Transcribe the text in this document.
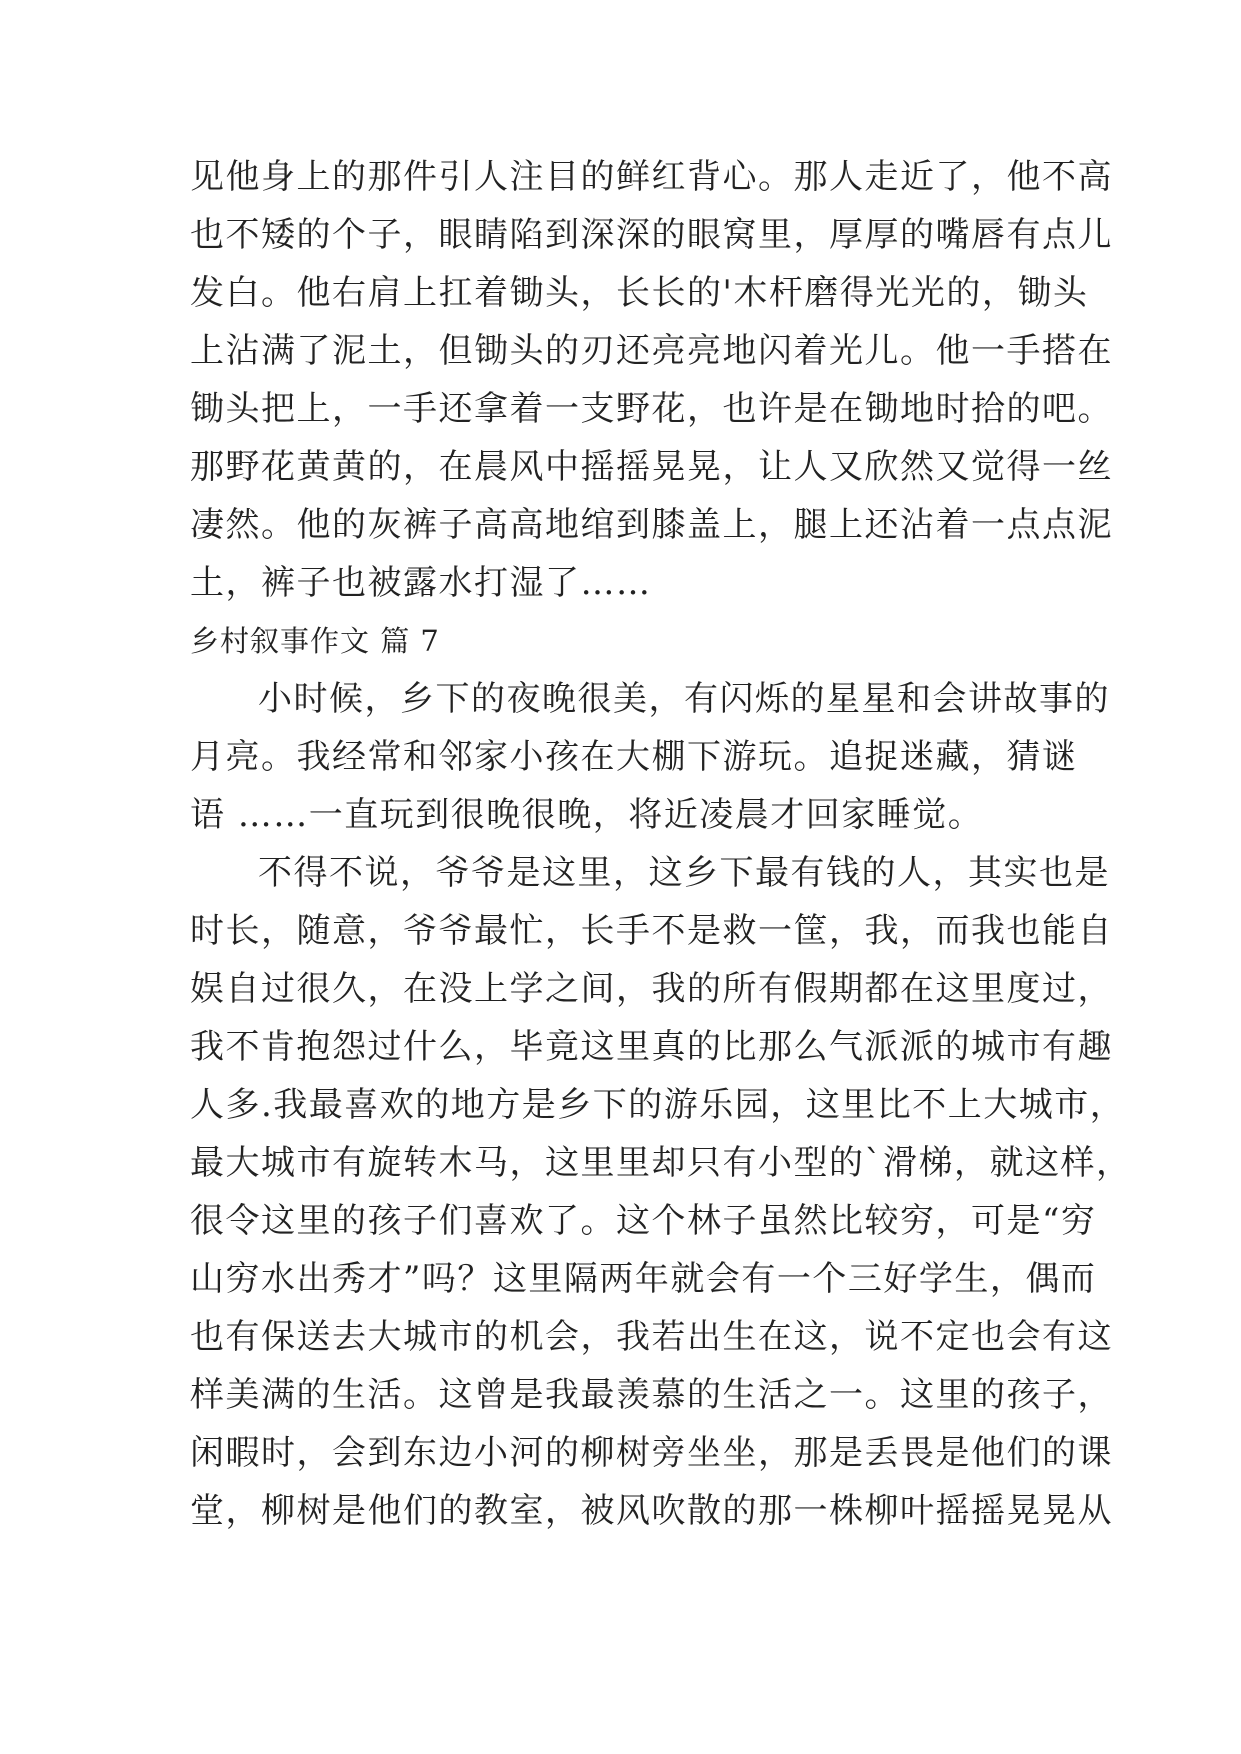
见他身上的那件引人注目的鲜红背心。那人走近了，他不高
也不矮的个子，眼睛陷到深深的眼窝里，厚厚的嘴唇有点儿
发白。他右肩上扛着锄头，长长的'木杆磨得光光的，锄头
上沾满了泥土，但锄头的刃还亮亮地闪着光儿。他一手搭在
锄头把上，一手还拿着一支野花，也许是在锄地时拾的吧。
那野花黄黄的，在晨风中摇摇晃晃，让人又欣然又觉得一丝
凄然。他的灰裤子高高地绾到膝盖上，腿上还沾着一点点泥
土，裤子也被露水打湿了……
乡村叙事作文 篇 7
小时候，乡下的夜晚很美，有闪烁的星星和会讲故事的
月亮。我经常和邻家小孩在大棚下游玩。追捉迷藏，猜谜
语 ……一直玩到很晚很晚，将近凌晨才回家睡觉。
不得不说，爷爷是这里，这乡下最有钱的人，其实也是
时长，随意，爷爷最忙，长手不是救一筐，我，而我也能自
娱自过很久，在没上学之间，我的所有假期都在这里度过，
我不肯抱怨过什么，毕竟这里真的比那么气派派的城市有趣
人多.我最喜欢的地方是乡下的游乐园，这里比不上大城市，
最大城市有旋转木马，这里里却只有小型的`滑梯，就这样，
很令这里的孩子们喜欢了。这个林子虽然比较穷，可是“穷
山穷水出秀才”吗？这里隔两年就会有一个三好学生，偶而
也有保送去大城市的机会，我若出生在这，说不定也会有这
样美满的生活。这曾是我最羡慕的生活之一。这里的孩子，
闲暇时，会到东边小河的柳树旁坐坐，那是丢畏是他们的课
堂，柳树是他们的教室，被风吹散的那一株柳叶摇摇晃晃从
